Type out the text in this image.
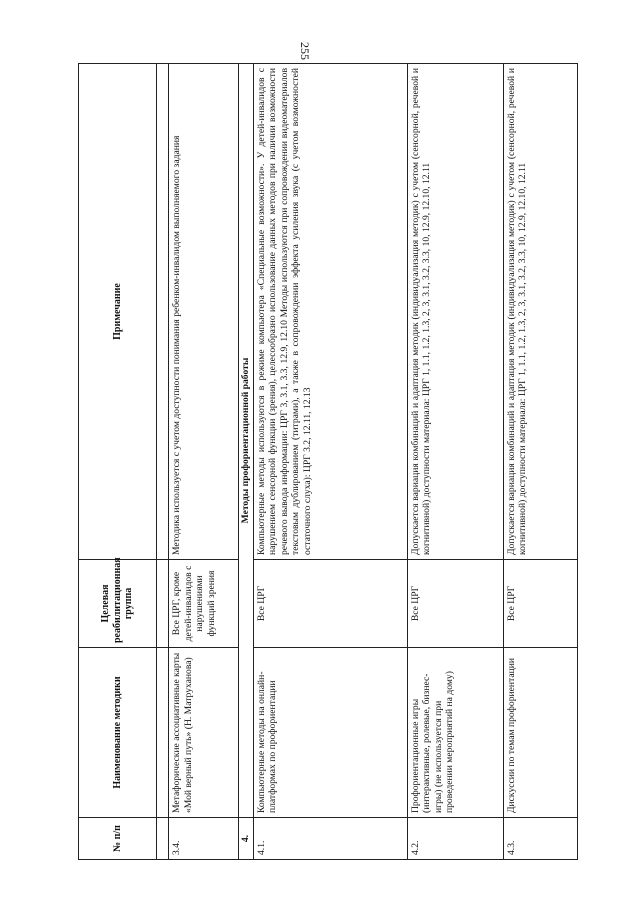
255
№ п/п	Наименование методики	Целевая реабилитационная группа	Примечание

3.4.	Метафорические ассоциативные карты «Мой верный путь» (Н. Матруханова)	Все ЦРГ, кроме детей-инвалидов с нарушениями функций зрения	Методика используется с учетом доступности понимания ребенком-инвалидом выполняемого задания
4.	Методы профориентационной работы		
4.1.	Компьютерные методы на онлайн-платформах по профориентации	Все ЦРГ	Компьютерные методы используются в режиме компьютера «Специальные возможности». У детей-инвалидов с нарушением сенсорной функции (зрения), целесообразно использование данных методов при наличии возможности речевого вывода информации: ЦРГ 3, 3.1, 3.3, 12.9, 12.10 Методы используются при сопровождении видеоматериалов текстовым дублированием (титрами), а также в сопровождении эффекта усиления звука (с учетом возможностей остаточного слуха): ЦРГ 3.2, 12.11, 12.13
4.2.	Профориентационные игры (интерактивные, ролевые, бизнес-игры) (не используется при проведении мероприятий на дому)	Все ЦРГ	Допускается вариация комбинаций и адаптация методик (индивидуализация методик) с учетом (сенсорной, речевой и когнитивной) доступности материала: ЦРГ 1, 1.1, 1.2, 1.3, 2, 3, 3.1, 3.2, 3.3, 10, 12.9, 12.10, 12.11
4.3.	Дискуссии по темам профориентации	Все ЦРГ	Допускается вариация комбинаций и адаптация методик (индивидуализация методик) с учетом (сенсорной, речевой и когнитивной) доступности материала: ЦРГ 1, 1.1, 1.2, 1.3, 2, 3, 3.1, 3.2, 3.3, 10, 12.9, 12.10, 12.11
